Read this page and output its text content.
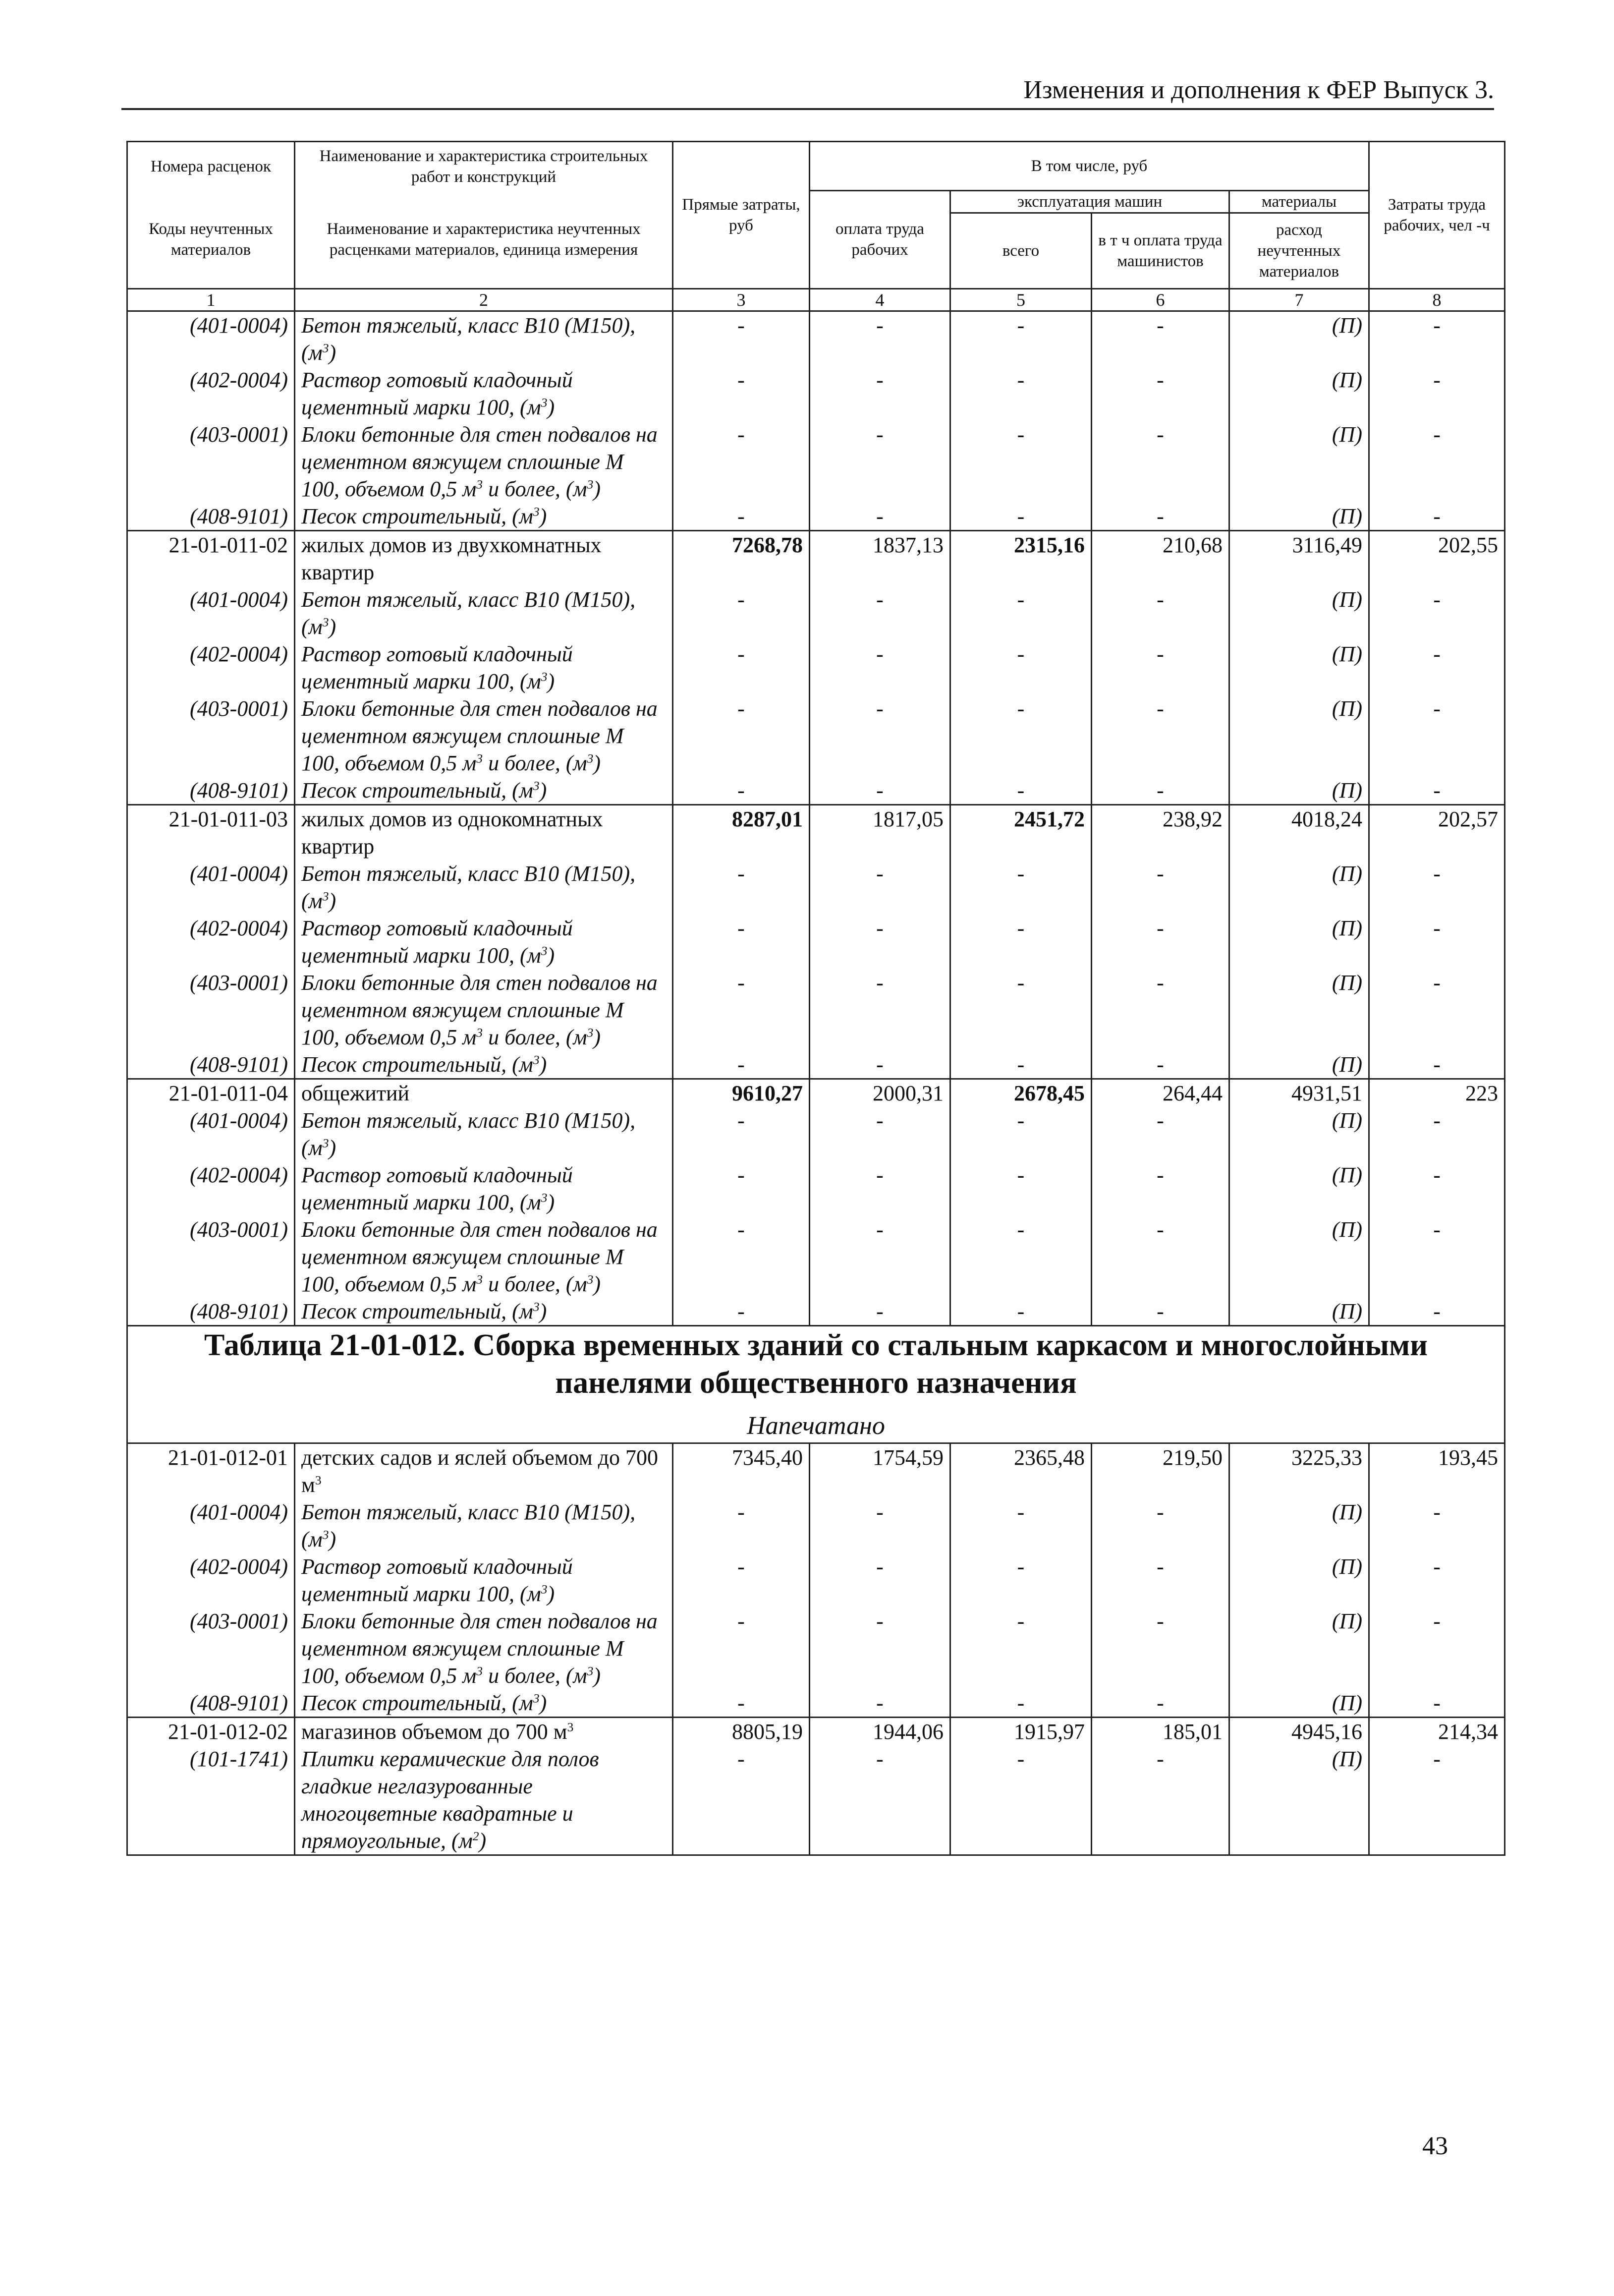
Изменения и дополнения к ФЕР Выпуск 3.
Номера расценок	Наименование и характеристика строительных работ и конструкций	Прямые затраты, руб	В том числе, руб				Затраты труда рабочих, чел -ч
Коды неучтенных материалов	Наименование и характеристика неучтенных расценками материалов, единица измерения		оплата труда рабочих	эксплуатация машин		материалы	
				всего	в т ч оплата труда машинистов	расход неучтенных материалов	
1	2	3	4	5	6	7	8
(401-0004)	Бетон тяжелый, класс B10 (М150), $(м^3)$	-	-	-	-	(П)	-
(402-0004)	Раствор готовый кладочный цементный марки 100, $(м^3)$	-	-	-	-	(П)	-
(403-0001)	Блоки бетонные для стен подвалов на цементном вяжущем сплошные М 100, объемом 0,5 $м^3$ и более, $(м^3)$	-	-	-	-	(П)	-
(408-9101)	Песок строительный, $(м^3)$	-	-	-	-	(П)	-
21-01-011-02	жилых домов из двухкомнатных квартир	7268,78	1837,13	2315,16	210,68	3116,49	202,55
(401-0004)	Бетон тяжелый, класс B10 (М150), $(м^3)$	-	-	-	-	(П)	-
(402-0004)	Раствор готовый кладочный цементный марки 100, $(м^3)$	-	-	-	-	(П)	-
(403-0001)	Блоки бетонные для стен подвалов на цементном вяжущем сплошные М 100, объемом 0,5 $м^3$ и более, $(м^3)$	-	-	-	-	(П)	-
(408-9101)	Песок строительный, $(м^3)$	-	-	-	-	(П)	-
21-01-011-03	жилых домов из однокомнатных квартир	8287,01	1817,05	2451,72	238,92	4018,24	202,57
(401-0004)	Бетон тяжелый, класс B10 (М150), $(м^3)$	-	-	-	-	(П)	-
(402-0004)	Раствор готовый кладочный цементный марки 100, $(м^3)$	-	-	-	-	(П)	-
(403-0001)	Блоки бетонные для стен подвалов на цементном вяжущем сплошные М 100, объемом 0,5 $м^3$ и более, $(м^3)$	-	-	-	-	(П)	-
(408-9101)	Песок строительный, $(м^3)$	-	-	-	-	(П)	-
21-01-011-04	общежитий	9610,27	2000,31	2678,45	264,44	4931,51	223
(401-0004)	Бетон тяжелый, класс B10 (М150), $(м^3)$	-	-	-	-	(П)	-
(402-0004)	Раствор готовый кладочный цементный марки 100, $(м^3)$	-	-	-	-	(П)	-
(403-0001)	Блоки бетонные для стен подвалов на цементном вяжущем сплошные М 100, объемом 0,5 $м^3$ и более, $(м^3)$	-	-	-	-	(П)	-
(408-9101)	Песок строительный, $(м^3)$	-	-	-	-	(П)	-

Таблица 21-01-012. Сборка временных зданий со стальным каркасом и многослойными панелями общественного назначения
Напечатано							

21-01-012-01	детских садов и яслей объемом до 700 $м^3$	7345,40	1754,59	2365,48	219,50	3225,33	193,45
(401-0004)	Бетон тяжелый, класс B10 (М150), $(м^3)$	-	-	-	-	(П)	-
(402-0004)	Раствор готовый кладочный цементный марки 100, $(м^3)$	-	-	-	-	(П)	-
(403-0001)	Блоки бетонные для стен подвалов на цементном вяжущем сплошные М 100, объемом 0,5 $м^3$ и более, $(м^3)$	-	-	-	-	(П)	-
(408-9101)	Песок строительный, $(м^3)$	-	-	-	-	(П)	-
21-01-012-02	магазинов объемом до 700 $м^3$	8805,19	1944,06	1915,97	185,01	4945,16	214,34
(101-1741)	Плитки керамические для полов гладкие неглазурованные многоцветные квадратные и прямоугольные, $(м^2)$	-	-	-	-	(П)	-
43
